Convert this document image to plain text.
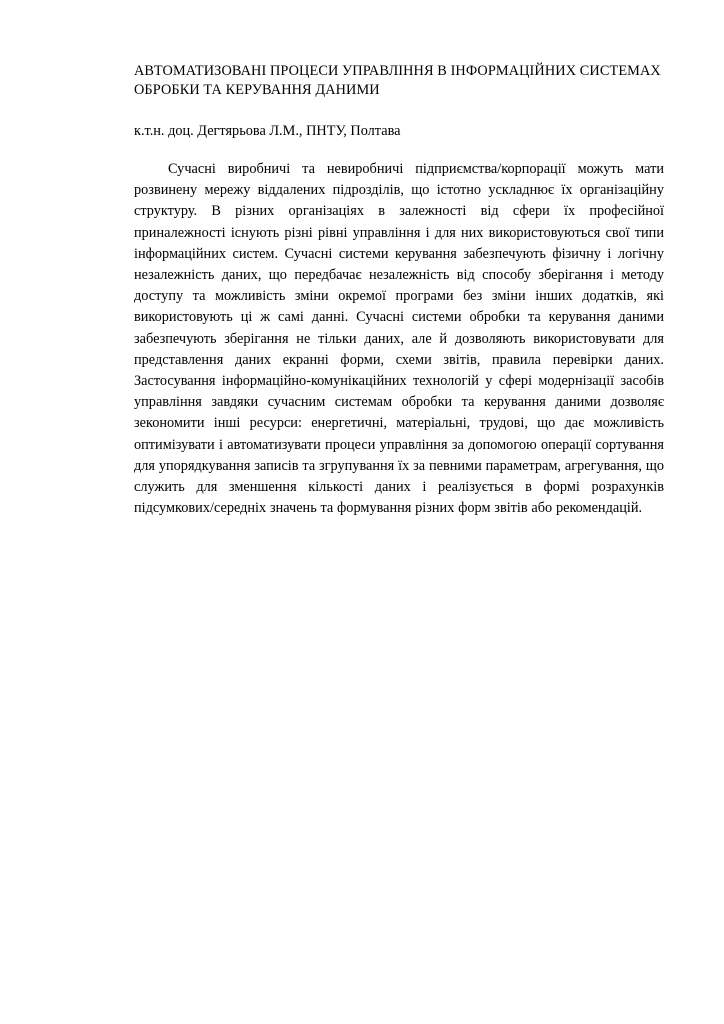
АВТОМАТИЗОВАНІ ПРОЦЕСИ УПРАВЛІННЯ В ІНФОРМАЦІЙНИХ СИСТЕМАХ ОБРОБКИ ТА КЕРУВАННЯ ДАНИМИ

к.т.н. доц. Дегтярьова Л.М., ПНТУ, Полтава

Сучасні виробничі та невиробничі підприємства/корпорації можуть мати розвинену мережу віддалених підрозділів, що істотно ускладнює їх організаційну структуру. В різних організаціях в залежності від сфери їх професійної приналежності існують різні рівні управління і для них використовуються свої типи інформаційних систем. Сучасні системи керування забезпечують фізичну і логічну незалежність даних, що передбачає незалежність від способу зберігання і методу доступу та можливість зміни окремої програми без зміни інших додатків, які використовують ці ж самі данні. Сучасні системи обробки та керування даними забезпечують зберігання не тільки даних, але й дозволяють використовувати для представлення даних екранні форми, схеми звітів, правила перевірки даних. Застосування інформаційно-комунікаційних технологій у сфері модернізації засобів управління завдяки сучасним системам обробки та керування даними дозволяє зекономити інші ресурси: енергетичні, матеріальні, трудові, що дає можливість оптимізувати і автоматизувати процеси управління за допомогою операції сортування для упорядкування записів та згрупування їх за певними параметрам, агрегування, що служить для зменшення кількості даних і реалізується в формі розрахунків підсумкових/середніх значень та формування різних форм звітів або рекомендацій.
